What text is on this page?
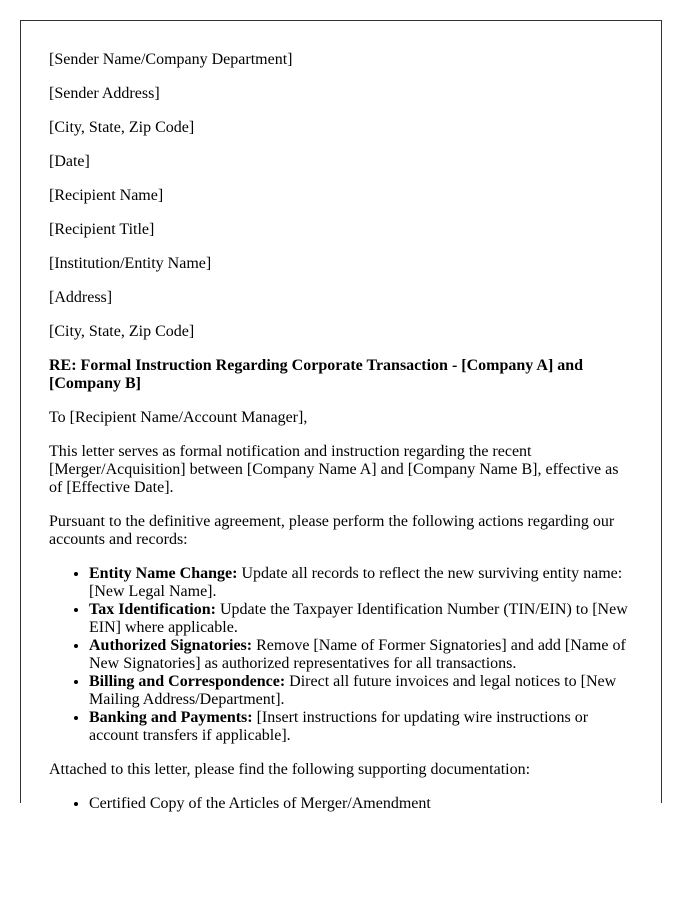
[Sender Name/Company Department]

[Sender Address]

[City, State, Zip Code]

[Date]

[Recipient Name]

[Recipient Title]

[Institution/Entity Name]

[Address]

[City, State, Zip Code]

RE: Formal Instruction Regarding Corporate Transaction - [Company A] and [Company B]

To [Recipient Name/Account Manager],

This letter serves as formal notification and instruction regarding the recent [Merger/Acquisition] between [Company Name A] and [Company Name B], effective as of [Effective Date].

Pursuant to the definitive agreement, please perform the following actions regarding our accounts and records:

• Entity Name Change: Update all records to reflect the new surviving entity name: [New Legal Name].
• Tax Identification: Update the Taxpayer Identification Number (TIN/EIN) to [New EIN] where applicable.
• Authorized Signatories: Remove [Name of Former Signatories] and add [Name of New Signatories] as authorized representatives for all transactions.
• Billing and Correspondence: Direct all future invoices and legal notices to [New Mailing Address/Department].
• Banking and Payments: [Insert instructions for updating wire instructions or account transfers if applicable].

Attached to this letter, please find the following supporting documentation:

• Certified Copy of the Articles of Merger/Amendment
